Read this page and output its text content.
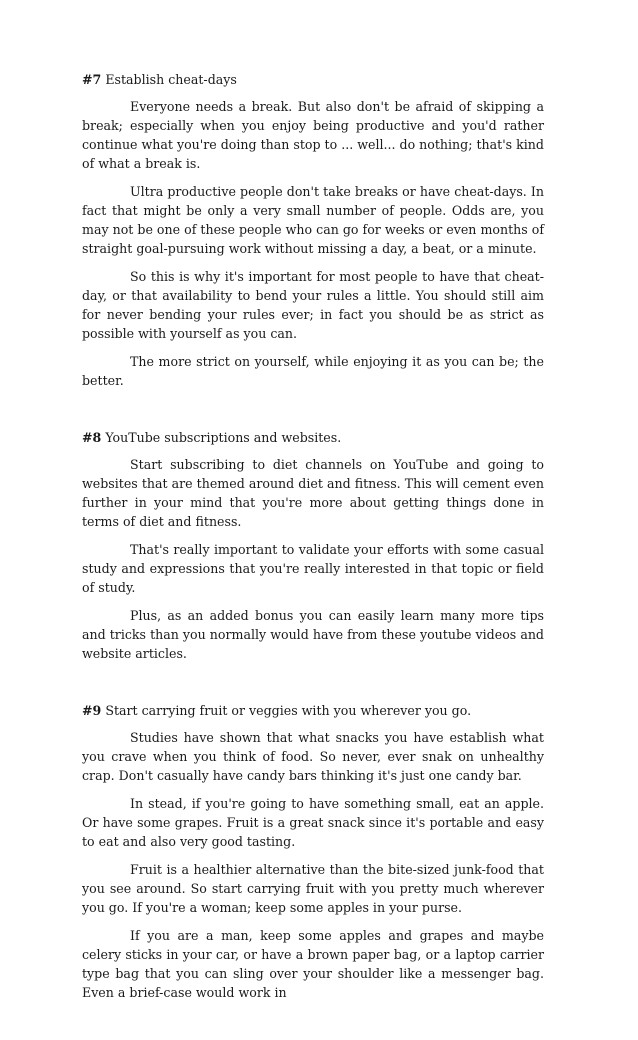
#7 Establish cheat-days

Everyone needs a break. But also don't be afraid of skipping a break; especially when you enjoy being productive and you'd rather continue what you're doing than stop to ... well... do nothing; that's kind of what a break is.

Ultra productive people don't take breaks or have cheat-days. In fact that might be only a very small number of people. Odds are, you may not be one of these people who can go for weeks or even months of straight goal-pursuing work without missing a day, a beat, or a minute.

So this is why it's important for most people to have that cheat-day, or that availability to bend your rules a little. You should still aim for never bending your rules ever; in fact you should be as strict as possible with yourself as you can.

The more strict on yourself, while enjoying it as you can be; the better.

#8 YouTube subscriptions and websites.

Start subscribing to diet channels on YouTube and going to websites that are themed around diet and fitness. This will cement even further in your mind that you're more about getting things done in terms of diet and fitness.

That's really important to validate your efforts with some casual study and expressions that you're really interested in that topic or field of study.

Plus, as an added bonus you can easily learn many more tips and tricks than you normally would have from these youtube videos and website articles.

#9 Start carrying fruit or veggies with you wherever you go.

Studies have shown that what snacks you have establish what you crave when you think of food. So never, ever snak on unhealthy crap. Don't casually have candy bars thinking it's just one candy bar.

In stead, if you're going to have something small, eat an apple. Or have some grapes. Fruit is a great snack since it's portable and easy to eat and also very good tasting.

Fruit is a healthier alternative than the bite-sized junk-food that you see around. So start carrying fruit with you pretty much wherever you go. If you're a woman; keep some apples in your purse.

If you are a man, keep some apples and grapes and maybe celery sticks in your car, or have a brown paper bag, or a laptop carrier type bag that you can sling over your shoulder like a messenger bag. Even a brief-case would work in
